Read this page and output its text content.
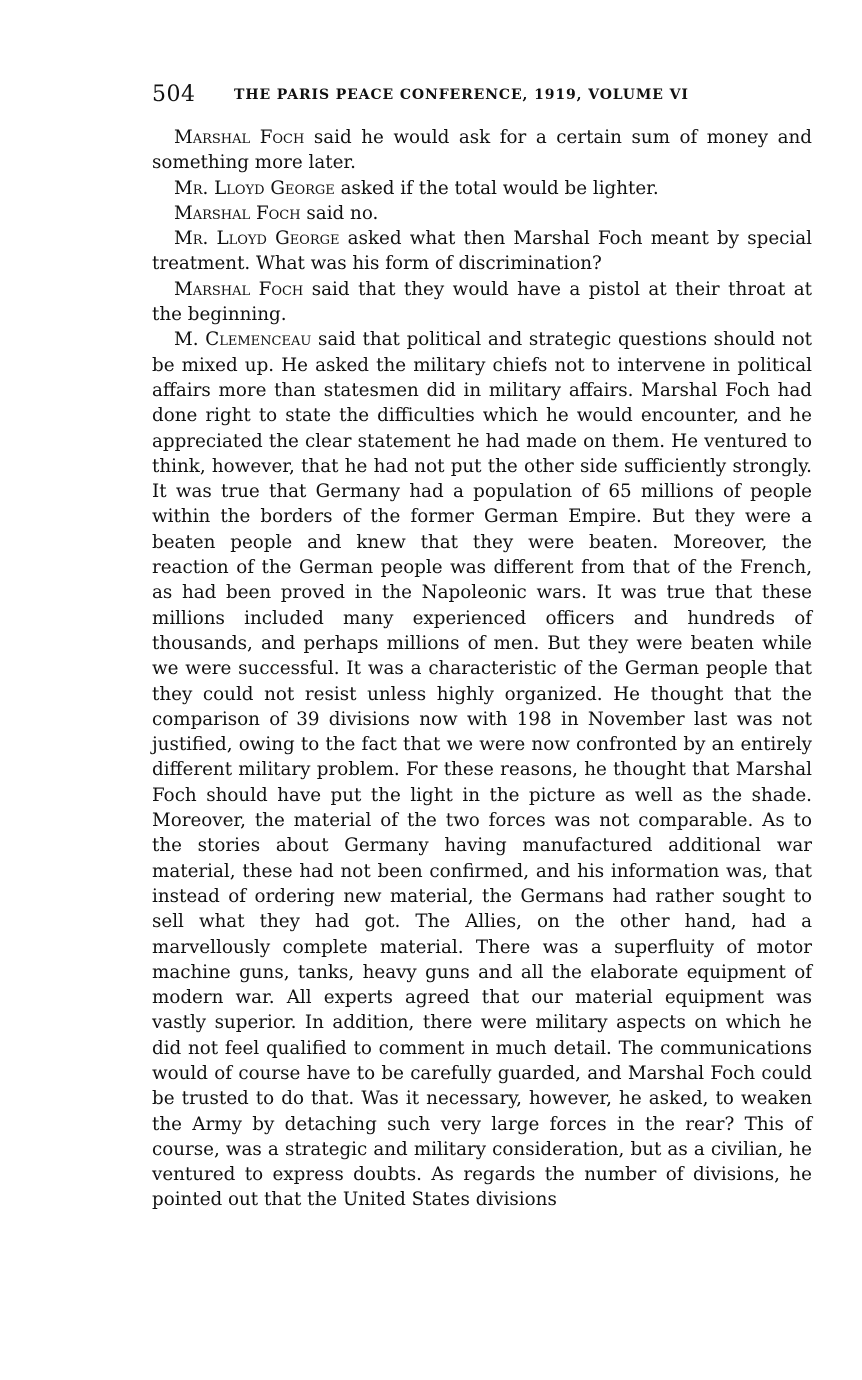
504	THE PARIS PEACE CONFERENCE, 1919, VOLUME VI

Marshal Foch said he would ask for a certain sum of money and something more later.

Mr. Lloyd George asked if the total would be lighter.

Marshal Foch said no.

Mr. Lloyd George asked what then Marshal Foch meant by special treatment. What was his form of discrimination?

Marshal Foch said that they would have a pistol at their throat at the beginning.

M. Clemenceau said that political and strategic questions should not be mixed up. He asked the military chiefs not to intervene in political affairs more than statesmen did in military affairs. Marshal Foch had done right to state the difficulties which he would encounter, and he appreciated the clear statement he had made on them. He ventured to think, however, that he had not put the other side sufficiently strongly. It was true that Germany had a population of 65 millions of people within the borders of the former German Empire. But they were a beaten people and knew that they were beaten. Moreover, the reaction of the German people was different from that of the French, as had been proved in the Napoleonic wars. It was true that these millions included many experienced officers and hundreds of thousands, and perhaps millions of men. But they were beaten while we were successful. It was a characteristic of the German people that they could not resist unless highly organized. He thought that the comparison of 39 divisions now with 198 in November last was not justified, owing to the fact that we were now confronted by an entirely different military problem. For these reasons, he thought that Marshal Foch should have put the light in the picture as well as the shade. Moreover, the material of the two forces was not comparable. As to the stories about Germany having manufactured additional war material, these had not been confirmed, and his information was, that instead of ordering new material, the Germans had rather sought to sell what they had got. The Allies, on the other hand, had a marvellously complete material. There was a superfluity of motor machine guns, tanks, heavy guns and all the elaborate equipment of modern war. All experts agreed that our material equipment was vastly superior. In addition, there were military aspects on which he did not feel qualified to comment in much detail. The communications would of course have to be carefully guarded, and Marshal Foch could be trusted to do that. Was it necessary, however, he asked, to weaken the Army by detaching such very large forces in the rear? This of course, was a strategic and military consideration, but as a civilian, he ventured to express doubts. As regards the number of divisions, he pointed out that the United States divisions
